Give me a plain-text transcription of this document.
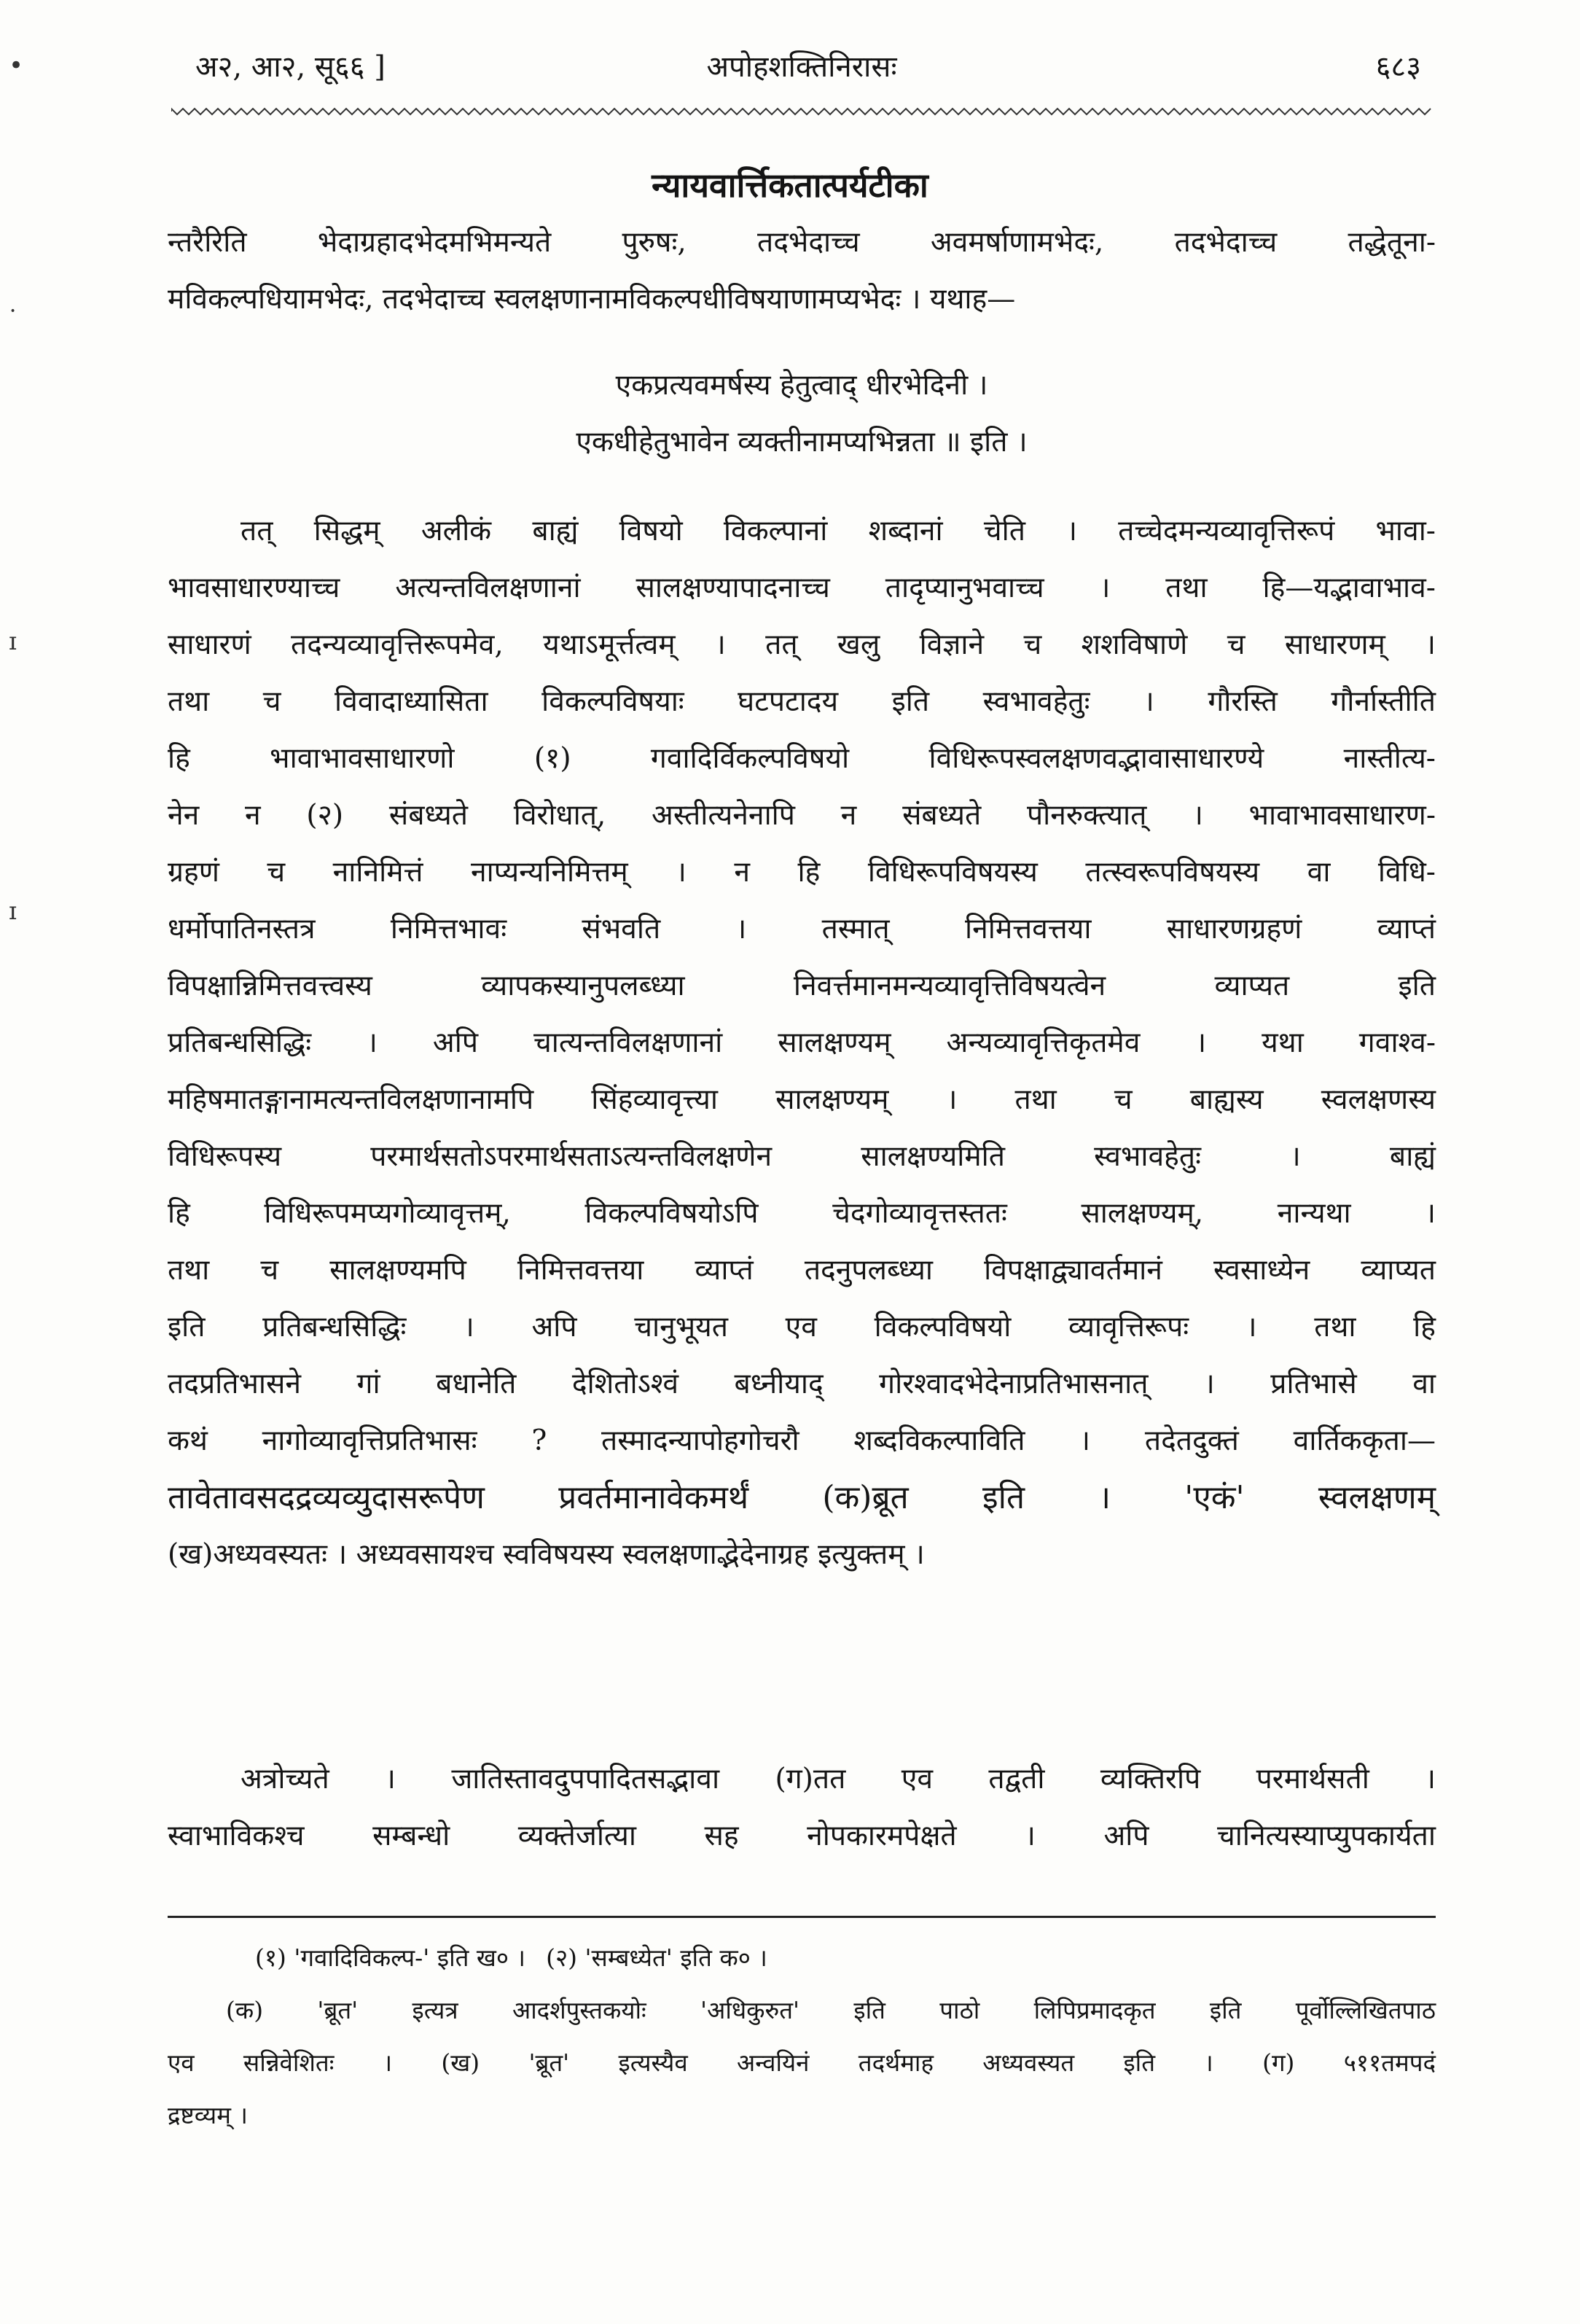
अ२, आ२, सू६६ ]	अपोहशक्तिनिरासः	६८३
न्यायवार्त्तिकतात्पर्यटीका
न्तरैरिति भेदाग्रहादभेदमभिमन्यते पुरुषः, तदभेदाच्च अवमर्षाणामभेदः, तदभेदाच्च तद्धेतूना-
मविकल्पधियामभेदः, तदभेदाच्च स्वलक्षणानामविकल्पधीविषयाणामप्यभेदः । यथाह—
एकप्रत्यवमर्षस्य हेतुत्वाद् धीरभेदिनी ।
एकधीहेतुभावेन व्यक्तीनामप्यभिन्नता ॥ इति ।
तत् सिद्धम् अलीकं बाह्यं विषयो विकल्पानां शब्दानां चेति । तच्चेदमन्यव्यावृत्तिरूपं भावा-
भावसाधारण्याच्च अत्यन्तविलक्षणानां सालक्षण्यापादनाच्च तादृप्यानुभवाच्च । तथा हि—यद्भावाभाव-
साधारणं तदन्यव्यावृत्तिरूपमेव, यथाऽमूर्त्तत्वम् । तत् खलु विज्ञाने च शशविषाणे च साधारणम् ।
तथा च विवादाध्यासिता विकल्पविषयाः घटपटादय इति स्वभावहेतुः । गौरस्ति गौर्नास्तीति
हि भावाभावसाधारणो (१) गवादिर्विकल्पविषयो विधिरूपस्वलक्षणवद्भावासाधारण्ये नास्तीत्य-
नेन न (२) संबध्यते विरोधात्, अस्तीत्यनेनापि न संबध्यते पौनरुक्त्यात् । भावाभावसाधारण-
ग्रहणं च नानिमित्तं नाप्यन्यनिमित्तम् । न हि विधिरूपविषयस्य तत्स्वरूपविषयस्य वा विधि-
धर्मोपातिनस्तत्र निमित्तभावः संभवति । तस्मात् निमित्तवत्तया साधारणग्रहणं व्याप्तं
विपक्षान्निमित्तवत्त्वस्य व्यापकस्यानुपलब्ध्या निवर्त्तमानमन्यव्यावृत्तिविषयत्वेन व्याप्यत इति
प्रतिबन्धसिद्धिः । अपि चात्यन्तविलक्षणानां सालक्षण्यम् अन्यव्यावृत्तिकृतमेव । यथा गवाश्व-
महिषमातङ्गानामत्यन्तविलक्षणानामपि सिंहव्यावृत्त्या सालक्षण्यम् । तथा च बाह्यस्य स्वलक्षणस्य
विधिरूपस्य परमार्थसतोऽपरमार्थसताऽत्यन्तविलक्षणेन सालक्षण्यमिति स्वभावहेतुः । बाह्यं
हि विधिरूपमप्यगोव्यावृत्तम्, विकल्पविषयोऽपि चेदगोव्यावृत्तस्ततः सालक्षण्यम्, नान्यथा ।
तथा च सालक्षण्यमपि निमित्तवत्तया व्याप्तं तदनुपलब्ध्या विपक्षाद्व्यावर्तमानं स्वसाध्येन व्याप्यत
इति प्रतिबन्धसिद्धिः । अपि चानुभूयत एव विकल्पविषयो व्यावृत्तिरूपः । तथा हि
तदप्रतिभासने गां बधानेति देशितोऽश्वं बध्नीयाद् गोरश्वादभेदेनाप्रतिभासनात् । प्रतिभासे वा
कथं नागोव्यावृत्तिप्रतिभासः ? तस्मादन्यापोहगोचरौ शब्दविकल्पाविति । तदेतदुक्तं वार्तिककृता—
तावेतावसदद्रव्यव्युदासरूपेण प्रवर्तमानावेकमर्थं (क)ब्रूत इति । 'एकं' स्वलक्षणम्
(ख)अध्यवस्यतः । अध्यवसायश्च स्वविषयस्य स्वलक्षणाद्भेदेनाग्रह इत्युक्तम् ।
अत्रोच्यते । जातिस्तावदुपपादितसद्भावा (ग)तत एव तद्वती व्यक्तिरपि परमार्थसती ।
स्वाभाविकश्च सम्बन्धो व्यक्तेर्जात्या सह नोपकारमपेक्षते । अपि चानित्यस्याप्युपकार्यता
(१) 'गवादिविकल्प-' इति ख० । (२) 'सम्बध्येत' इति क० ।
(क) 'ब्रूत' इत्यत्र आदर्शपुस्तकयोः 'अधिकुरुत' इति पाठो लिपिप्रमादकृत इति पूर्वोल्लिखितपाठ
एव सन्निवेशितः । (ख) 'ब्रूत' इत्यस्यैव अन्वयिनं तदर्थमाह अध्यवस्यत इति । (ग) ५११तमपदं
द्रष्टव्यम् ।
•
ॱ
ɪ
ɪ
